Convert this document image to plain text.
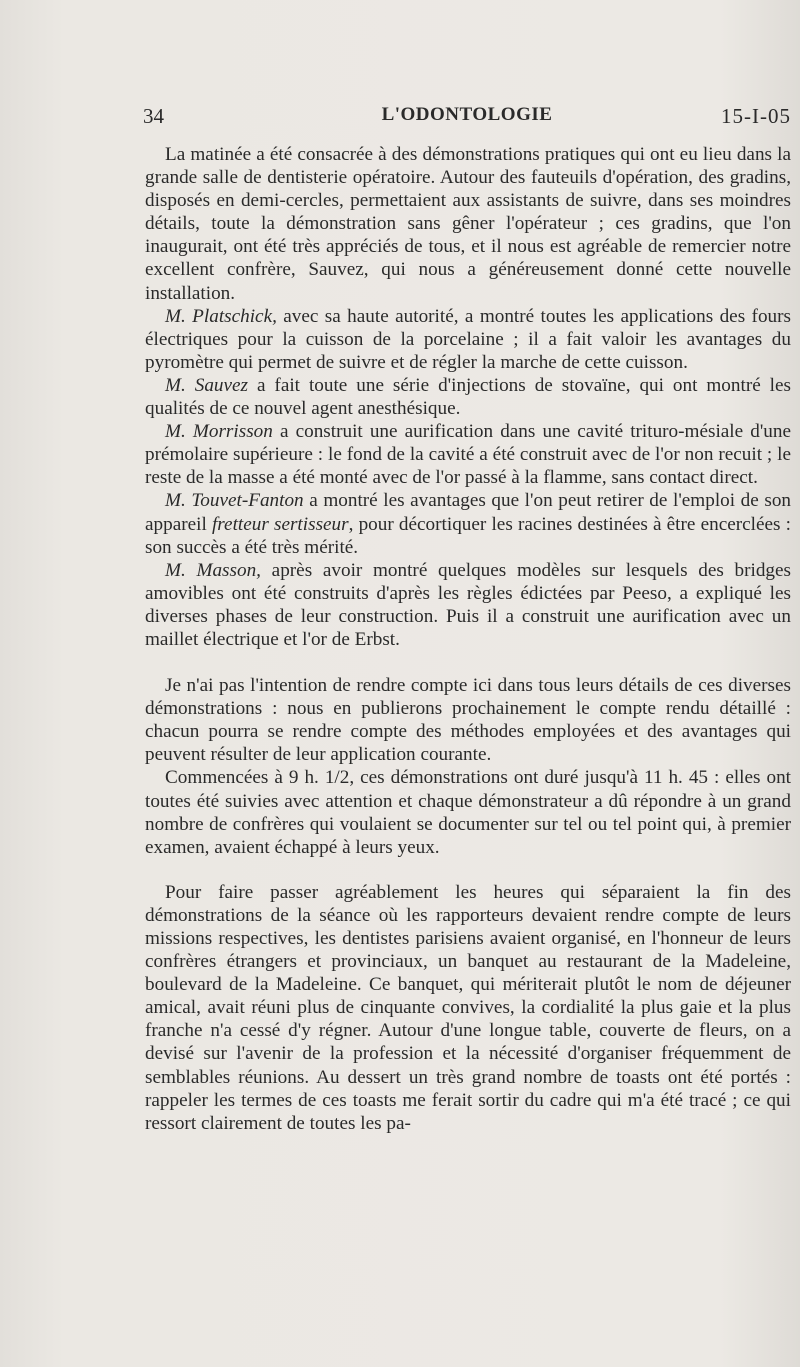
34	L'ODONTOLOGIE	15-I-05

La matinée a été consacrée à des démonstrations pratiques qui ont eu lieu dans la grande salle de dentisterie opératoire. Autour des fauteuils d'opération, des gradins, disposés en demi-cercles, permettaient aux assistants de suivre, dans ses moindres détails, toute la démonstration sans gêner l'opérateur ; ces gradins, que l'on inaugurait, ont été très appréciés de tous, et il nous est agréable de remercier notre excellent confrère, Sauvez, qui nous a généreusement donné cette nouvelle installation.

M. Platschick, avec sa haute autorité, a montré toutes les applications des fours électriques pour la cuisson de la porcelaine ; il a fait valoir les avantages du pyromètre qui permet de suivre et de régler la marche de cette cuisson.

M. Sauvez a fait toute une série d'injections de stovaïne, qui ont montré les qualités de ce nouvel agent anesthésique.

M. Morrisson a construit une aurification dans une cavité trituro-mésiale d'une prémolaire supérieure : le fond de la cavité a été construit avec de l'or non recuit ; le reste de la masse a été monté avec de l'or passé à la flamme, sans contact direct.

M. Touvet-Fanton a montré les avantages que l'on peut retirer de l'emploi de son appareil fretteur sertisseur, pour décortiquer les racines destinées à être encerclées : son succès a été très mérité.

M. Masson, après avoir montré quelques modèles sur lesquels des bridges amovibles ont été construits d'après les règles édictées par Peeso, a expliqué les diverses phases de leur construction. Puis il a construit une aurification avec un maillet électrique et l'or de Erbst.

Je n'ai pas l'intention de rendre compte ici dans tous leurs détails de ces diverses démonstrations : nous en publierons prochainement le compte rendu détaillé : chacun pourra se rendre compte des méthodes employées et des avantages qui peuvent résulter de leur application courante.

Commencées à 9 h. 1/2, ces démonstrations ont duré jusqu'à 11 h. 45 : elles ont toutes été suivies avec attention et chaque démonstrateur a dû répondre à un grand nombre de confrères qui voulaient se documenter sur tel ou tel point qui, à premier examen, avaient échappé à leurs yeux.

Pour faire passer agréablement les heures qui séparaient la fin des démonstrations de la séance où les rapporteurs devaient rendre compte de leurs missions respectives, les dentistes parisiens avaient organisé, en l'honneur de leurs confrères étrangers et provinciaux, un banquet au restaurant de la Madeleine, boulevard de la Madeleine. Ce banquet, qui mériterait plutôt le nom de déjeuner amical, avait réuni plus de cinquante convives, la cordialité la plus gaie et la plus franche n'a cessé d'y régner. Autour d'une longue table, couverte de fleurs, on a devisé sur l'avenir de la profession et la nécessité d'organiser fréquemment de semblables réunions. Au dessert un très grand nombre de toasts ont été portés : rappeler les termes de ces toasts me ferait sortir du cadre qui m'a été tracé ; ce qui ressort clairement de toutes les pa-
